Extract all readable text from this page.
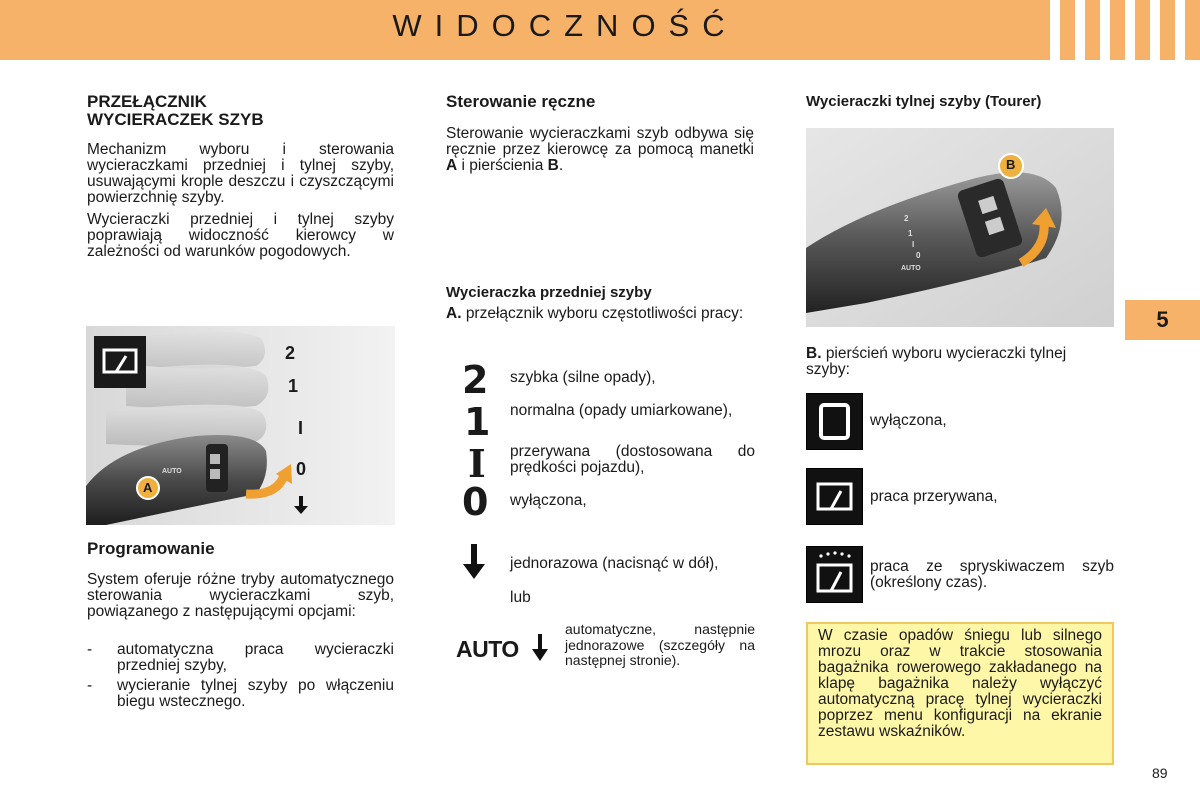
WIDOCZNOŚĆ
5
PRZEŁĄCZNIK
WYCIERACZEK SZYB
Mechanizm wyboru i sterowania wycieraczkami przedniej i tylnej szyby, usuwającymi krople deszczu i czyszczącymi powierzchnię szyby.
Wycieraczki przedniej i tylnej szyby poprawiają widoczność kierowcy w zależności od warunków pogodowych.
2
1
I
0
A
AUTO
Programowanie
System oferuje różne tryby automatycznego sterowania wycieraczkami szyb, powiązanego z następującymi opcjami:
- automatyczna praca wycieraczki przedniej szyby,
- wycieranie tylnej szyby po włączeniu biegu wstecznego.
Sterowanie ręczne
Sterowanie wycieraczkami szyb odbywa się ręcznie przez kierowcę za pomocą manetki A i pierścienia B.
Wycieraczka przedniej szyby
A. przełącznik wyboru częstotliwości pracy:
2 szybka (silne opady),
1 normalna (opady umiarkowane),
I przerywana (dostosowana do prędkości pojazdu),
0 wyłączona,
jednorazowa (nacisnąć w dół),
lub
AUTO
automatyczne, następnie jednorazowe (szczegóły na następnej stronie).
Wycieraczki tylnej szyby (Tourer)
B
AUTO
2
1
I
0
B. pierścień wyboru wycieraczki tylnej szyby:
wyłączona,
praca przerywana,
praca ze spryskiwaczem szyb (określony czas).
W czasie opadów śniegu lub silnego mrozu oraz w trakcie stosowania bagażnika rowerowego zakładanego na klapę bagażnika należy wyłączyć automatyczną pracę tylnej wycieraczki poprzez menu konfiguracji na ekranie zestawu wskaźników.
89
